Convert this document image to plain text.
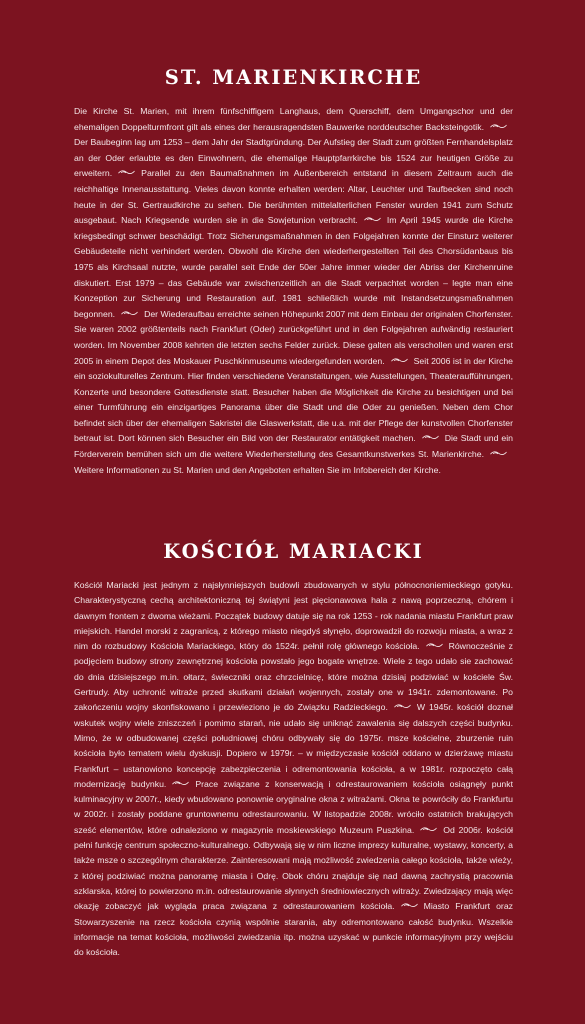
ST. MARIENKIRCHE

Die Kirche St. Marien, mit ihrem fünfschiffigem Langhaus, dem Querschiff, dem Umgangschor und der ehemaligen Doppelturmfront gilt als eines der herausragendsten Bauwerke norddeutscher Backsteingotik.
Der Baubeginn lag um 1253 – dem Jahr der Stadtgründung. Der Aufstieg der Stadt zum größten Fernhandelsplatz an der Oder erlaubte es den Einwohnern, die ehemalige Hauptpfarrkirche bis 1524 zur heutigen Größe zu erweitern.	Parallel zu den Baumaßnahmen im Außenbereich entstand in diesem Zeitraum auch die reichhaltige Innenausstattung. Vieles davon konnte erhalten werden: Altar, Leuchter und Taufbecken sind noch heute in der St. Gertraudkirche zu sehen. Die berühmten mittelalterlichen Fenster wurden 1941 zum Schutz ausgebaut. Nach Kriegsende wurden sie in die Sowjetunion verbracht.	Im April 1945 wurde die Kirche kriegsbedingt schwer beschädigt. Trotz Sicherungsmaßnahmen in den Folgejahren konnte der Einsturz weiterer Gebäudeteile nicht verhindert werden. Obwohl die Kirche den wiederhergestellten Teil des Chorsüdanbaus bis 1975 als Kirchsaal nutzte, wurde parallel seit Ende der 50er Jahre immer wieder der Abriss der Kirchenruine diskutiert. Erst 1979 – das Gebäude war zwischenzeitlich an die Stadt verpachtet worden – legte man eine Konzeption zur Sicherung und Restauration auf. 1981 schließlich wurde mit Instandsetzungsmaßnahmen begonnen.	Der Wiederaufbau erreichte seinen Höhepunkt 2007 mit dem Einbau der originalen Chorfenster. Sie waren 2002 größtenteils nach Frankfurt (Oder) zurückgeführt und in den Folgejahren aufwändig restauriert worden. Im November 2008 kehrten die letzten sechs Felder zurück. Diese galten als verschollen und waren erst 2005 in einem Depot des Moskauer Puschkinmuseums wiedergefunden worden.	Seit 2006 ist in der Kirche ein soziokulturelles Zentrum. Hier finden verschiedene Veranstaltungen, wie Ausstellungen, Theateraufführungen, Konzerte und besondere Gottesdienste statt. Besucher haben die Möglichkeit die Kirche zu besichtigen und bei einer Turmführung ein einzigartiges Panorama über die Stadt und die Oder zu genießen. Neben dem Chor befindet sich über der ehemaligen Sakristei die Glaswerkstatt, die u.a. mit der Pflege der kunstvollen Chorfenster betraut ist. Dort können sich Besucher ein Bild von der Restaurator entätigkeit machen.	Die Stadt und ein Förderverein bemühen sich um die weitere Wiederherstellung des Gesamtkunstwerkes St. Marienkirche.
Weitere Informationen zu St. Marien und den Angeboten erhalten Sie im Infobereich der Kirche.

KOŚCIÓŁ MARIACKI

Kościół Mariacki jest jednym z najsłynniejszych budowli zbudowanych w stylu północnoniemieckiego gotyku. Charakterystyczną cechą architektoniczną tej świątyni jest pięcionawowa hala z nawą poprzeczną, chórem i dawnym frontem z dwoma wieżami. Początek budowy datuje się na rok 1253 - rok nadania miastu Frankfurt praw miejskich. Handel morski z zagranicą, z którego miasto niegdyś słynęło, doprowadził do rozwoju miasta, a wraz z nim do rozbudowy Kościoła Mariackiego, który do 1524r. pełnił rolę głównego kościoła.	Równocześnie z podjęciem budowy strony zewnętrznej kościoła powstało jego bogate wnętrze. Wiele z tego udało sie zachować do dnia dzisiejszego m.in. ołtarz, świeczniki oraz chrzcielnicę, które można dzisiaj podziwiać w kościele Św. Gertrudy. Aby uchronić witraże przed skutkami działań wojennych, zostały one w 1941r. zdemontowane. Po zakończeniu wojny skonfiskowano i przewieziono je do Związku Radzieckiego.	W 1945r. kościół doznał wskutek wojny wiele zniszczeń i pomimo starań, nie udało się uniknąć zawalenia się dalszych części budynku. Mimo, że w odbudowanej części południowej chóru odbywały się do 1975r. msze kościelne, zburzenie ruin kościoła było tematem wielu dyskusji. Dopiero w 1979r. – w międzyczasie kościół oddano w dzierżawę miastu Frankfurt – ustanowiono koncepcję zabezpieczenia i odremontowania kościoła, a w 1981r. rozpoczęto całą modernizację budynku.	Prace związane z konserwacją i odrestaurowaniem kościoła osiągnęły punkt kulminacyjny w 2007r., kiedy wbudowano ponownie oryginalne okna z witrażami. Okna te powróciły do Frankfurtu w 2002r. i zostały poddane gruntownemu odrestaurowaniu. W listopadzie 2008r. wróciło ostatnich brakujących sześć elementów, które odnaleziono w magazynie moskiewskiego Muzeum Puszkina.	Od 2006r. kościół pełni funkcję centrum społeczno-kulturalnego. Odbywają się w nim liczne imprezy kulturalne, wystawy, koncerty, a także msze o szczególnym charakterze. Zainteresowani mają możliwość zwiedzenia całego kościoła, także wieży, z której podziwiać można panoramę miasta i Odrę. Obok chóru znajduje się nad dawną zachrystią pracownia szklarska, której to powierzono m.in. odrestaurowanie słynnych średniowiecznych witraży. Zwiedzający mają więc okazję zobaczyć jak wygląda praca związana z odrestaurowaniem kościoła.	Miasto Frankfurt oraz Stowarzyszenie na rzecz kościoła czynią wspólnie starania, aby odremontowano całość budynku. Wszelkie informacje na temat kościoła, możliwości zwiedzania itp. można uzyskać w punkcie informacyjnym przy wejściu do kościoła.
